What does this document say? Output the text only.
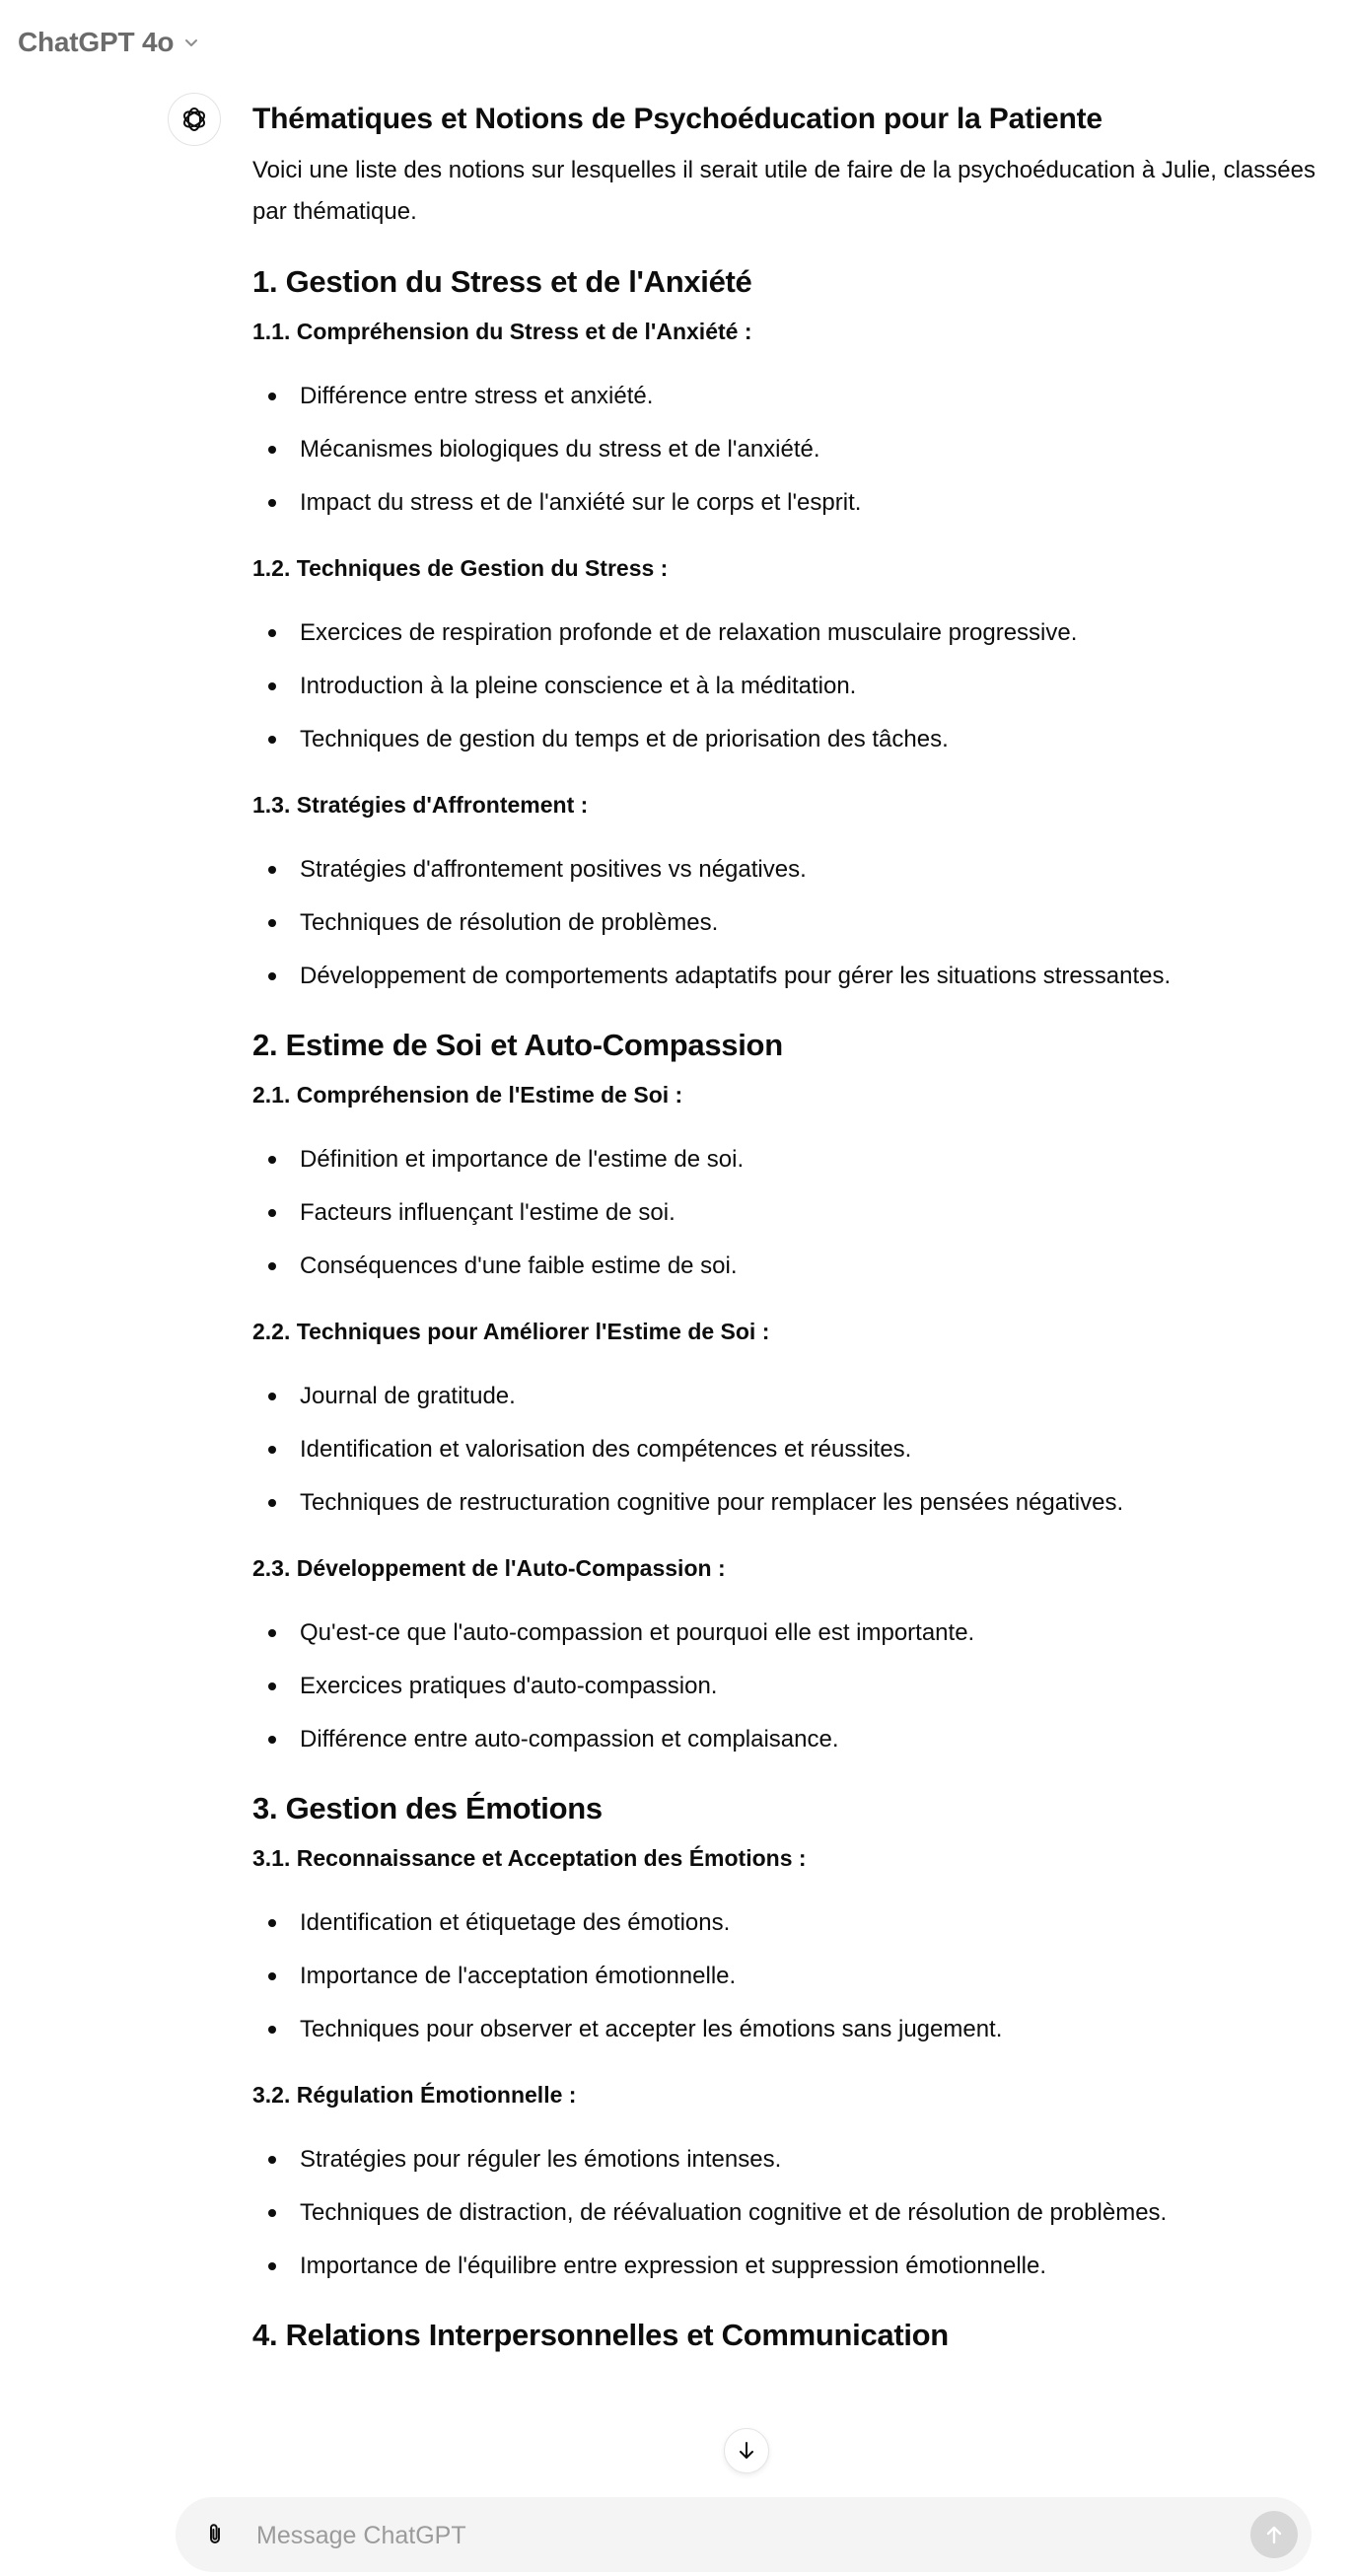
ChatGPT 4o
Thématiques et Notions de Psychoéducation pour la Patiente

Voici une liste des notions sur lesquelles il serait utile de faire de la psychoéducation à Julie, classées par thématique.

1. Gestion du Stress et de l'Anxiété
1.1. Compréhension du Stress et de l'Anxiété :
Différence entre stress et anxiété.
Mécanismes biologiques du stress et de l'anxiété.
Impact du stress et de l'anxiété sur le corps et l'esprit.
1.2. Techniques de Gestion du Stress :
Exercices de respiration profonde et de relaxation musculaire progressive.
Introduction à la pleine conscience et à la méditation.
Techniques de gestion du temps et de priorisation des tâches.
1.3. Stratégies d'Affrontement :
Stratégies d'affrontement positives vs négatives.
Techniques de résolution de problèmes.
Développement de comportements adaptatifs pour gérer les situations stressantes.
2. Estime de Soi et Auto-Compassion
2.1. Compréhension de l'Estime de Soi :
Définition et importance de l'estime de soi.
Facteurs influençant l'estime de soi.
Conséquences d'une faible estime de soi.
2.2. Techniques pour Améliorer l'Estime de Soi :
Journal de gratitude.
Identification et valorisation des compétences et réussites.
Techniques de restructuration cognitive pour remplacer les pensées négatives.
2.3. Développement de l'Auto-Compassion :
Qu'est-ce que l'auto-compassion et pourquoi elle est importante.
Exercices pratiques d'auto-compassion.
Différence entre auto-compassion et complaisance.
3. Gestion des Émotions
3.1. Reconnaissance et Acceptation des Émotions :
Identification et étiquetage des émotions.
Importance de l'acceptation émotionnelle.
Techniques pour observer et accepter les émotions sans jugement.
3.2. Régulation Émotionnelle :
Stratégies pour réguler les émotions intenses.
Techniques de distraction, de réévaluation cognitive et de résolution de problèmes.
Importance de l'équilibre entre expression et suppression émotionnelle.
4. Relations Interpersonnelles et Communication
Message ChatGPT
